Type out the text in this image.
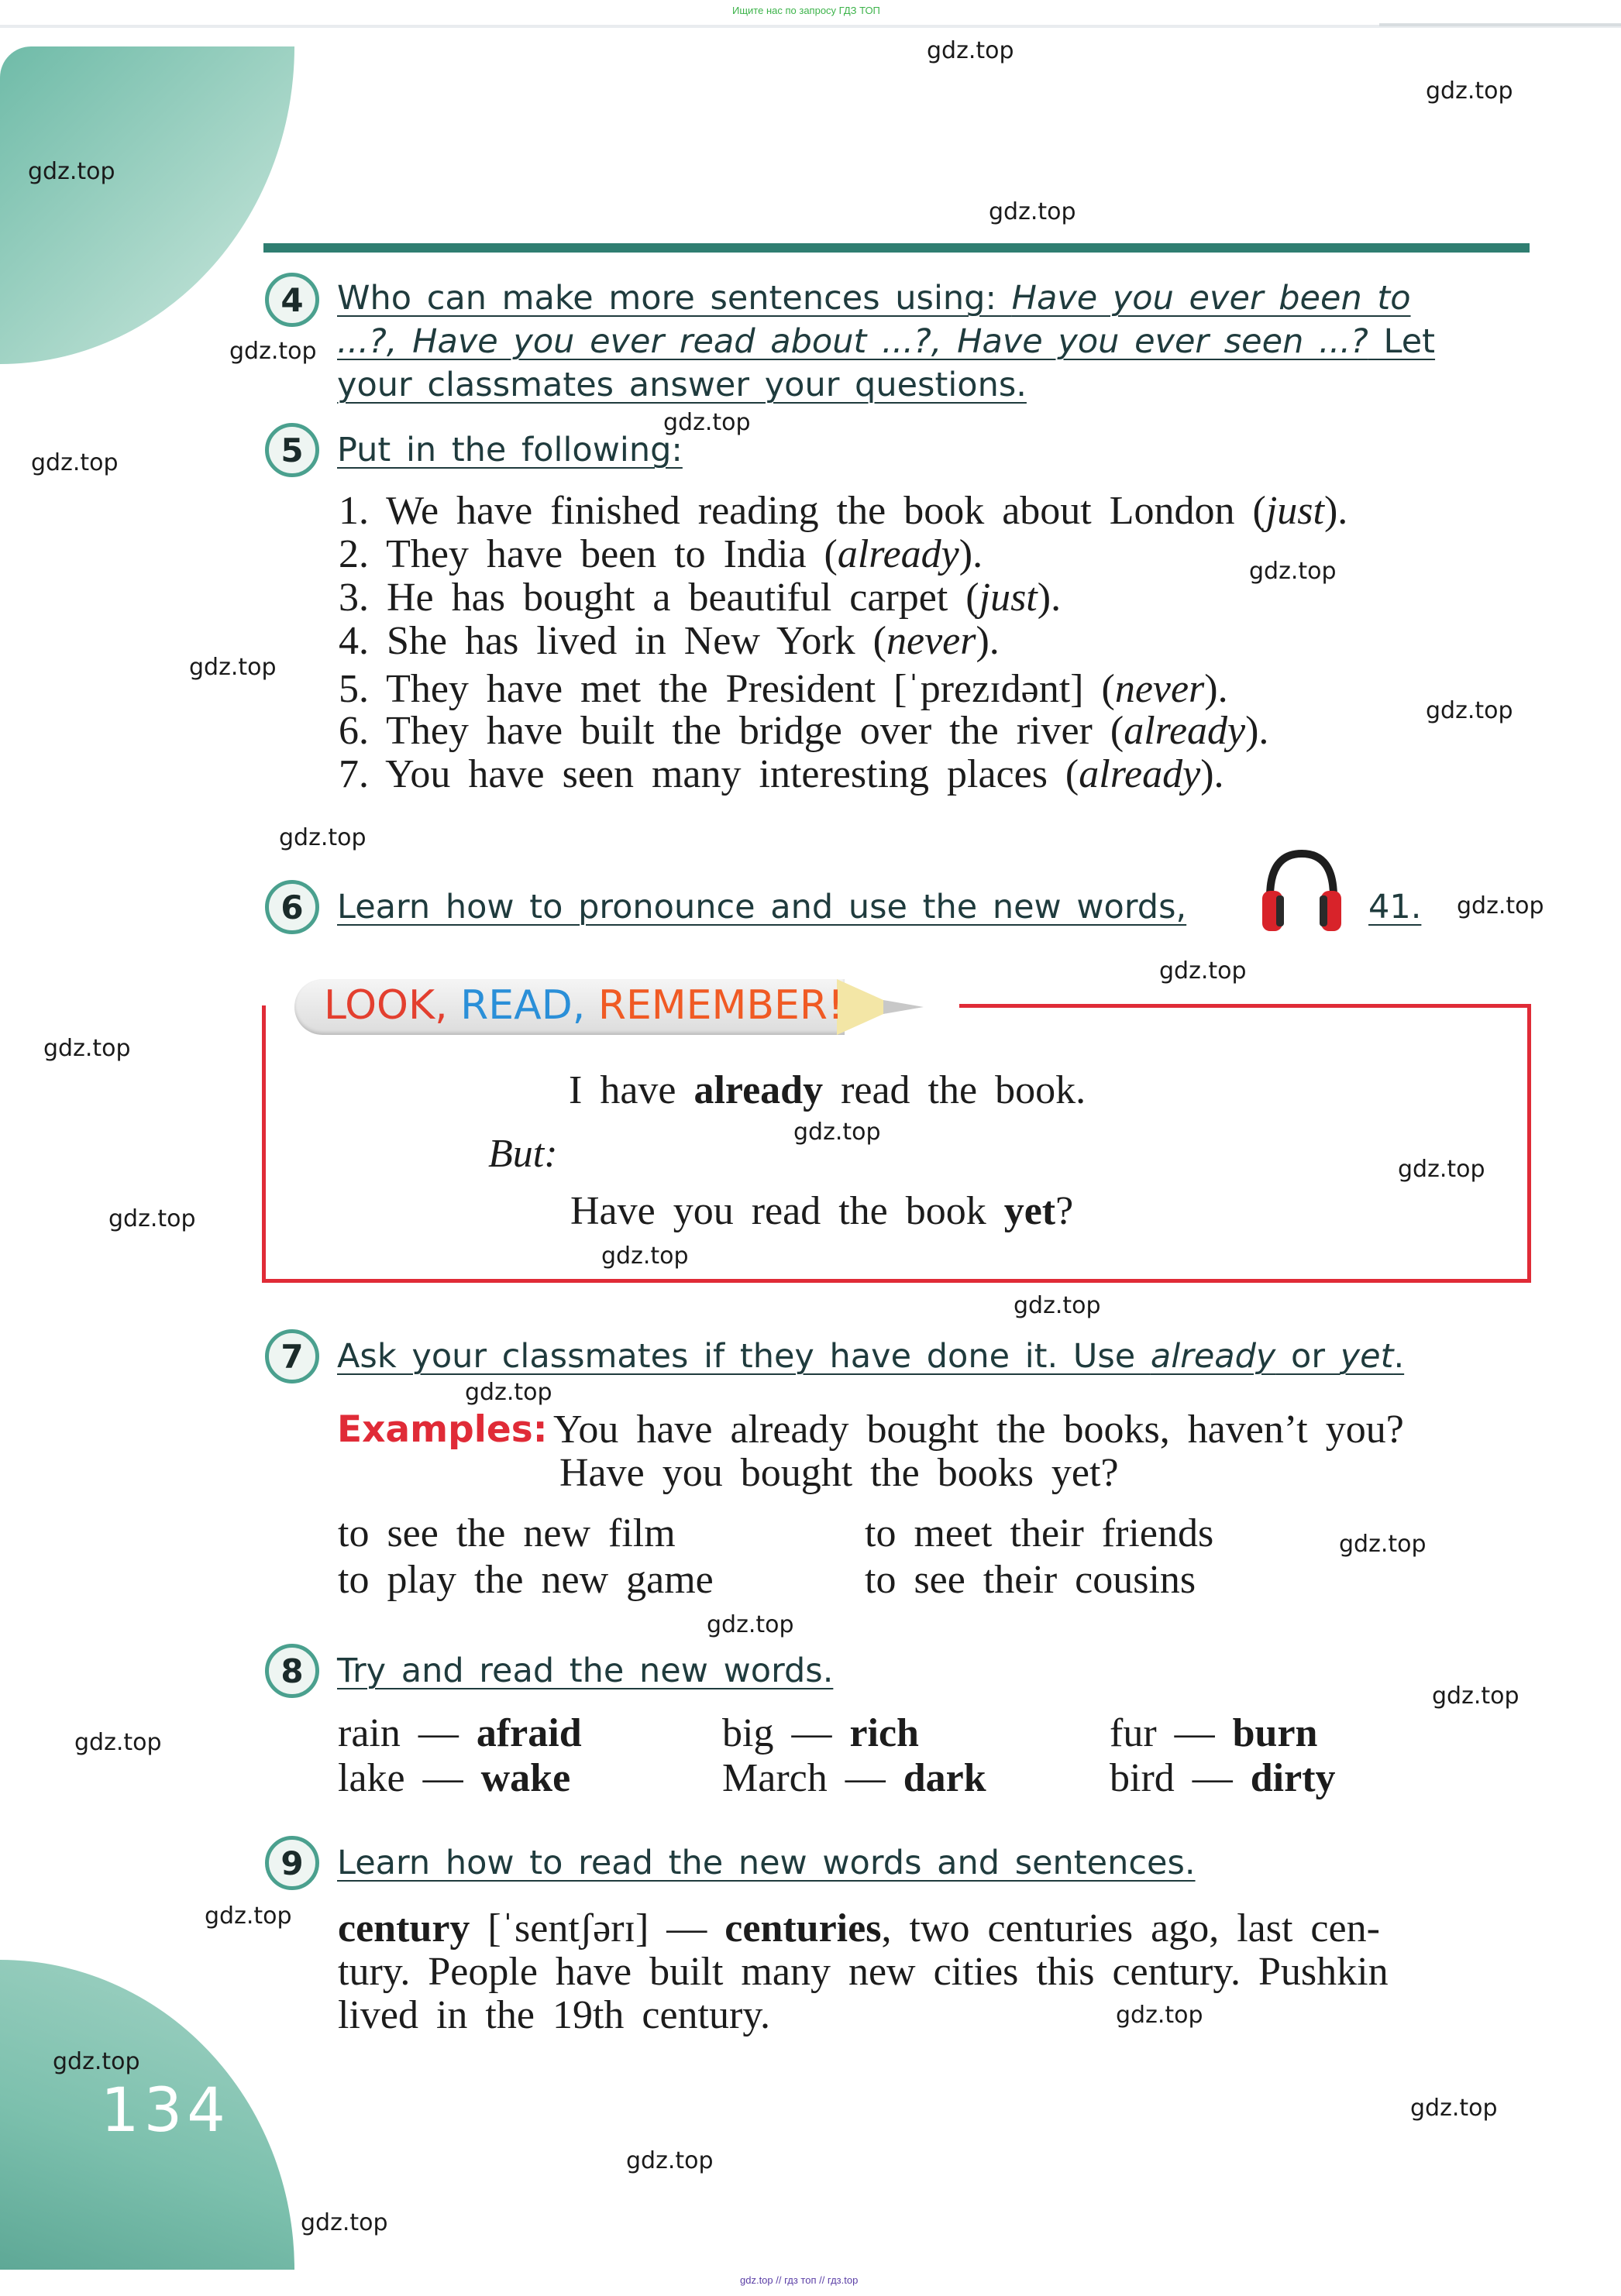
Ищите нас по запросу ГДЗ ТОП
134
4	Who can make more sentences using: Have you ever been to
...?, Have you ever read about ...?, Have you ever seen ...? Let
your classmates answer your questions.
5	Put in the following:
1. We have finished reading the book about London (just).
2. They have been to India (already).
3. He has bought a beautiful carpet (just).
4. She has lived in New York (never).
5. They have met the President [ˈprezɪdənt] (never).
6. They have built the bridge over the river (already).
7. You have seen many interesting places (already).
6	Learn how to pronounce and use the new words,	41.
LOOK, READ, REMEMBER!
I have already read the book.
But:
Have you read the book yet?
7	Ask your classmates if they have done it. Use already or yet.
Examples: You have already bought the books, haven’t you?
Have you bought the books yet?
to see the new film	to meet their friends
to play the new game	to see their cousins
8	Try and read the new words.
rain — afraid	big — rich	fur — burn
lake — wake	March — dark	bird — dirty
9	Learn how to read the new words and sentences.
century [ˈsentʃərɪ] — centuries, two centuries ago, last cen-
tury. People have built many new cities this century. Pushkin
lived in the 19th century.
gdz.top
gdz.top
gdz.top
gdz.top
gdz.top
gdz.top
gdz.top
gdz.top
gdz.top
gdz.top
gdz.top
gdz.top
gdz.top
gdz.top
gdz.top
gdz.top
gdz.top
gdz.top
gdz.top
gdz.top
gdz.top
gdz.top
gdz.top
gdz.top
gdz.top
gdz.top
gdz.top
gdz.top
gdz.top
gdz.top
gdz.top // гдз топ // гдз.top
